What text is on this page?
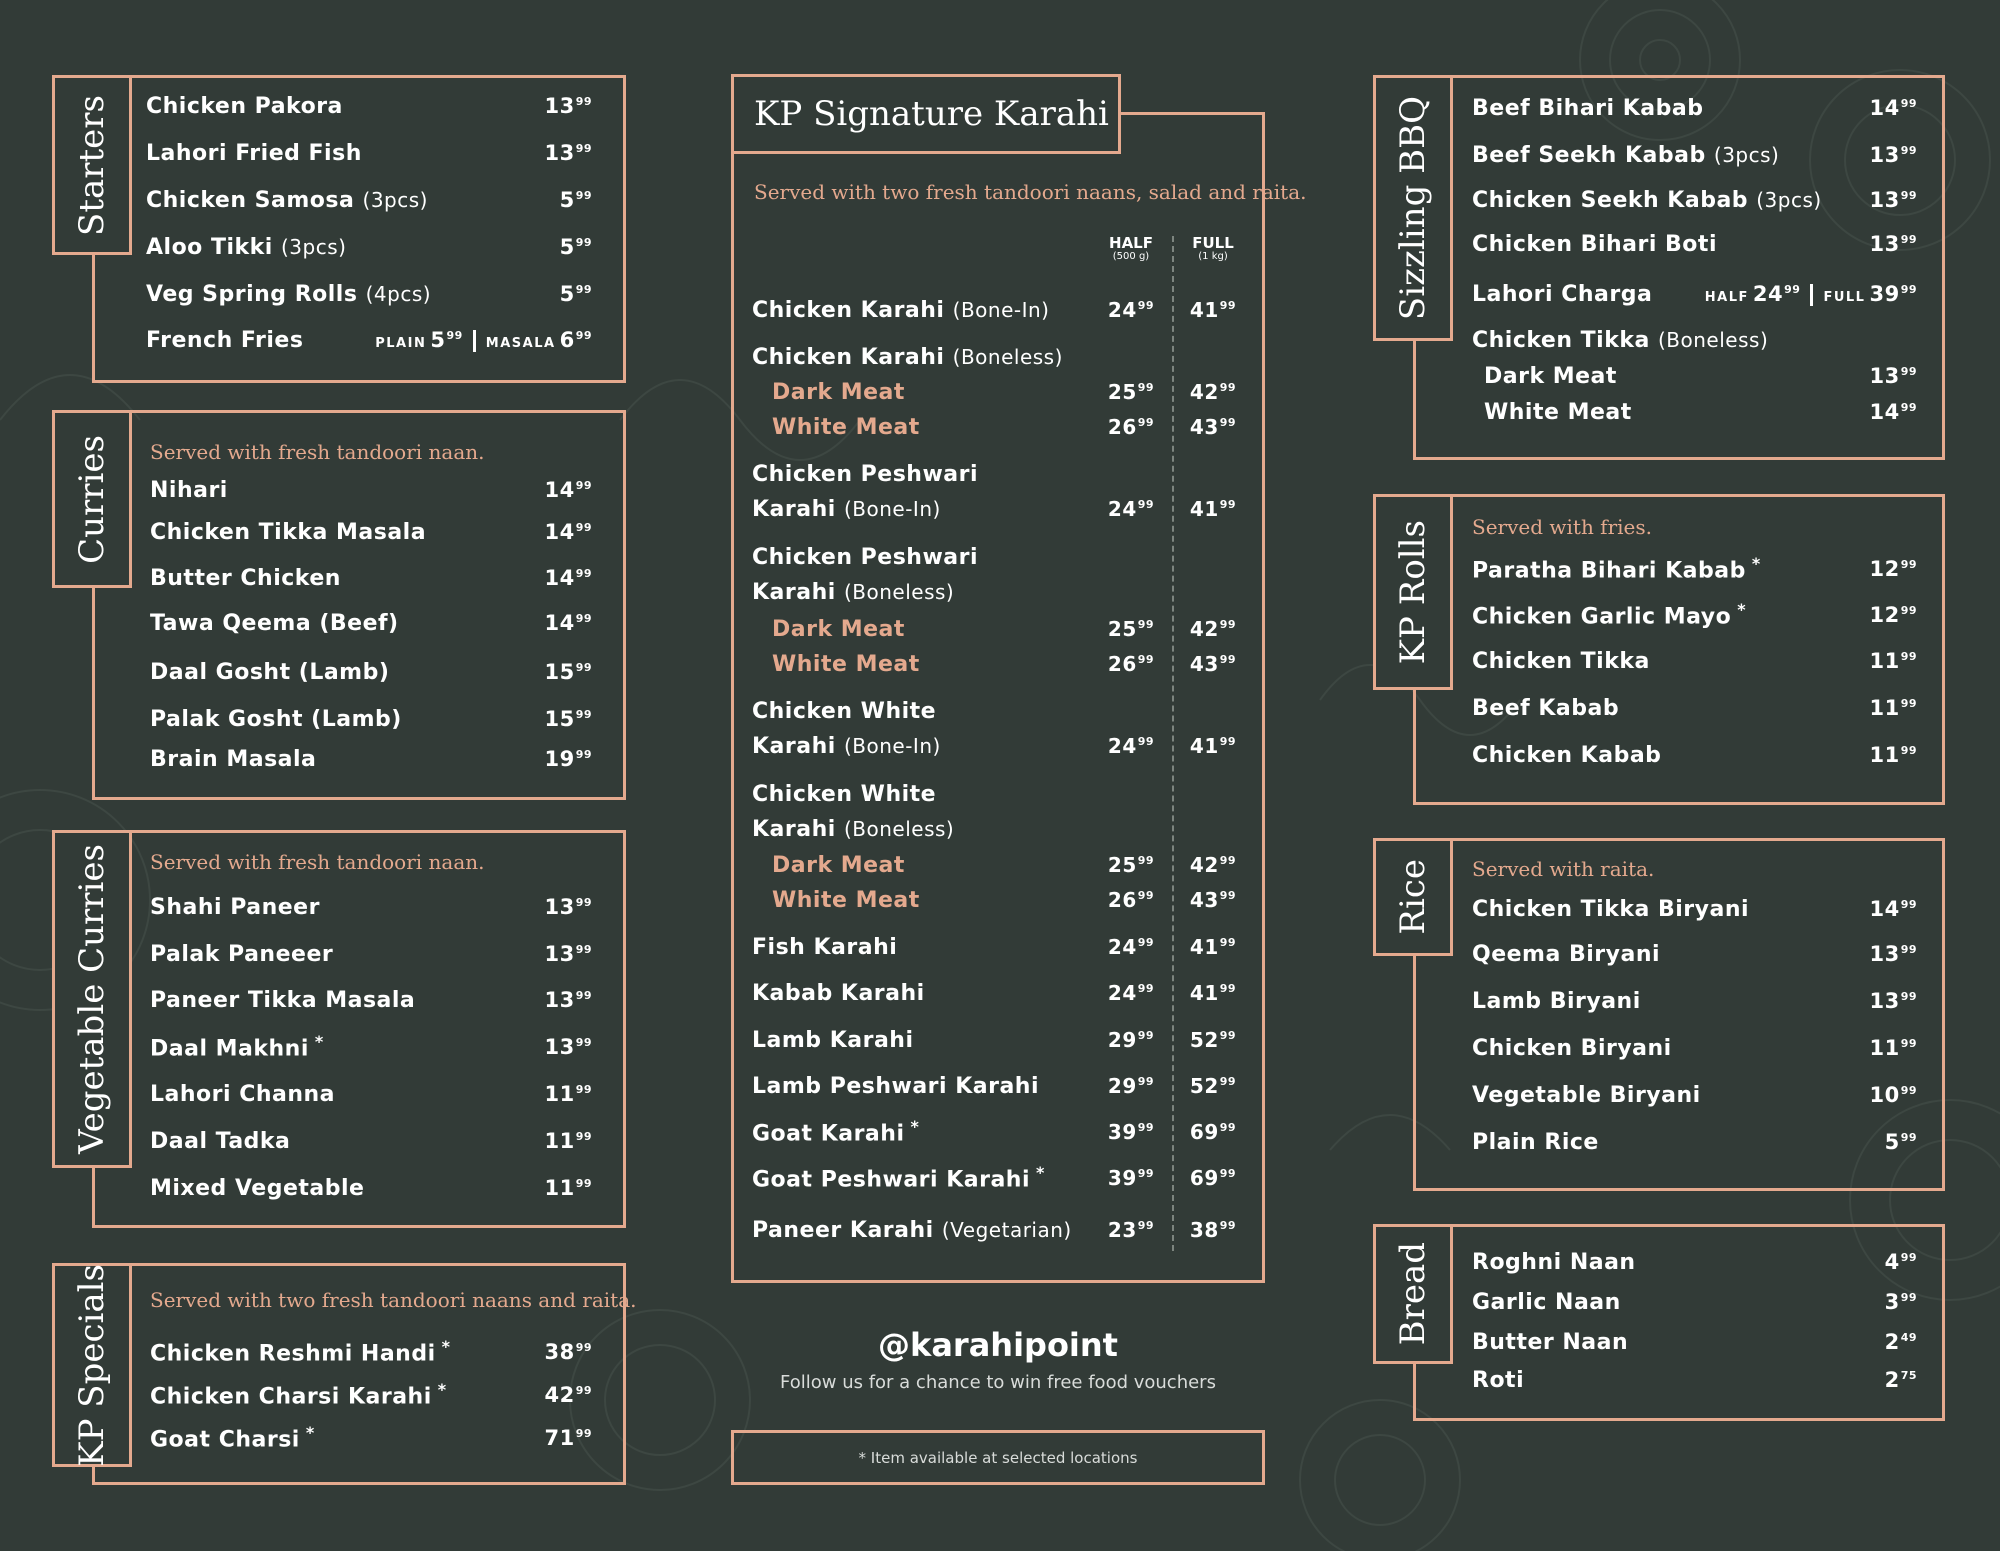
Starters Chicken Pakora	$13^{99}$
Lahori Fried Fish	$13^{99}$
Chicken Samosa (3pcs)	$5^{99}$
Aloo Tikki (3pcs)	$5^{99}$
Veg Spring Rolls (4pcs)	$5^{99}$
French Fries	PLAIN $5^{99}MASALA$ $6^{99}$
Curries Served with fresh tandoori naan.
Nihari	$14^{99}$
Chicken Tikka Masala	$14^{99}$
Butter Chicken	$14^{99}$
Tawa Qeema (Beef)	$14^{99}$
Daal Gosht (Lamb)	$15^{99}$
Palak Gosht (Lamb)	$15^{99}$
Brain Masala	$19^{99}$
Vegetable Curries Served with fresh tandoori naan.
Shahi Paneer	$13^{99}$
Palak Paneeer	$13^{99}$
Paneer Tikka Masala	$13^{99}$
Daal Makhni *	$13^{99}$
Lahori Channa	$11^{99}$
Daal Tadka	$11^{99}$
Mixed Vegetable	$11^{99}$
KP Specials Served with two fresh tandoori naans and raita.
Chicken Reshmi Handi *	$38^{99}$
Chicken Charsi Karahi *	$42^{99}$
Goat Charsi *	$71^{99}$
KP Signature Karahi
Served with two fresh tandoori naans, salad and raita.
HALF
(500 g)
FULL
(1 kg)
Chicken Karahi (Bone-In)	$24^{99}$	$41^{99}$
Chicken Karahi (Boneless)
Dark Meat	$25^{99}$	$42^{99}$
White Meat	$26^{99}$	$43^{99}$
Chicken Peshwari
Karahi (Bone-In)	$24^{99}$	$41^{99}$
Chicken Peshwari
Karahi (Boneless)
Dark Meat	$25^{99}$	$42^{99}$
White Meat	$26^{99}$	$43^{99}$
Chicken White
Karahi (Bone-In)	$24^{99}$	$41^{99}$
Chicken White
Karahi (Boneless)
Dark Meat	$25^{99}$	$42^{99}$
White Meat	$26^{99}$	$43^{99}$
Fish Karahi	$24^{99}$	$41^{99}$
Kabab Karahi	$24^{99}$	$41^{99}$
Lamb Karahi	$29^{99}$	$52^{99}$
Lamb Peshwari Karahi	$29^{99}$	$52^{99}$
Goat Karahi *	$39^{99}$	$69^{99}$
Goat Peshwari Karahi *	$39^{99}$	$69^{99}$
Paneer Karahi (Vegetarian)	$23^{99}$	$38^{99}$
@karahipoint
Follow us for a chance to win free food vouchers
* Item available at selected locations
Sizzling BBQ Beef Bihari Kabab	$14^{99}$
Beef Seekh Kabab (3pcs)	$13^{99}$
Chicken Seekh Kabab (3pcs) $13^{99}$
Chicken Bihari Boti	$13^{99}$
Lahori Charga	HALF $24^{99}FULL$ $39^{99}$
Chicken Tikka (Boneless)
Dark Meat	$13^{99}$
White Meat	$14^{99}$
KP Rolls Served with fries.
Paratha Bihari Kabab *	$12^{99}$
Chicken Garlic Mayo *	$12^{99}$
Chicken Tikka	$11^{99}$
Beef Kabab	$11^{99}$
Chicken Kabab	$11^{99}$
Rice Served with raita.
Chicken Tikka Biryani	$14^{99}$
Qeema Biryani	$13^{99}$
Lamb Biryani	$13^{99}$
Chicken Biryani	$11^{99}$
Vegetable Biryani	$10^{99}$
Plain Rice	$5^{99}$
Bread Roghni Naan	$4^{99}$
Garlic Naan	$3^{99}$
Butter Naan	$2^{49}$
Roti	$2^{75}$
